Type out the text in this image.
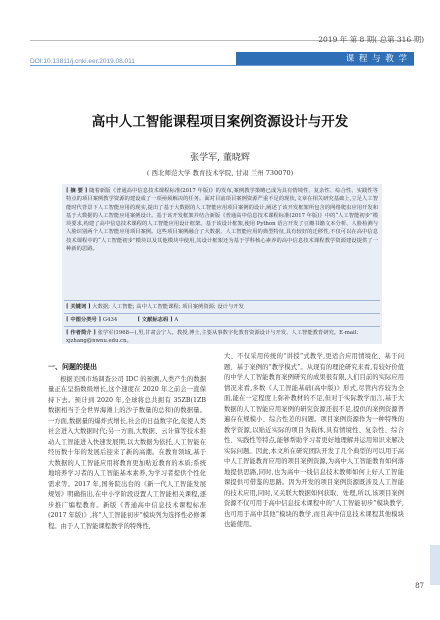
2019 年 第 8 期( 总第 316 期)
DOI:10.13811/j.cnki.eer.2019.08.011	课 程 与 教 学
高中人工智能课程项目案例资源设计与开发
张学军, 董晓辉
( 西北师范大学 教育技术学院, 甘肃 兰州 730070)
[ 摘 要 ] 随着新版《普通高中信息技术课程标准(2017 年版)》的发布,案例教学策略已成为具有情境性、复杂性、综合性、实践性等特点的项目案例教学资源的建设成了一项亟须解决的任务。面对目前项目案例资源严重不足的现状,文章在相关研究基础上,立足人工智能时代背景下人工智能应用的现实,提出了基于大数据的人工智能应用项目案例的设计,阐述了该开发框架所包含的网络爬虫应用开发和基于大数据的人工智能应用案例设计。基于该开发框架并结合新版《普通高中信息技术课程标准(2017 年版)》中的“人工智能初步”模块要求,构建了高中信息技术课程的人工智能应用设计框架。基于该设计框架,使用 Python 语言开发了豆瓣书籍文本分析、人脸检测与人脸识别两个人工智能应用项目案例。这些项目案例融合了大数据、人工智能应用的典型特征,具有较好的迁移性,不仅可以在高中信息技术课程中的“人工智能初步”模块以及其他模块中使用,其设计框架还为基于学科核心素养的高中信息技术课程教学资源建设提供了一种新的思路。
[ 关键词 ] 大数据; 人工智能; 高中人工智能课程; 项目案例资源; 设计与开发
[ 中图分类号 ] G434	[ 文献标志码 ] A
[ 作者简介 ] 张学军(1968—),男,甘肃会宁人。教授,博士,主要从事数字化教育资源设计与开发、人工智能教育研究。E-mail: xjzhang@nwnu.edu.cn。

一、问题的提出

根据美国市场调查公司 IDC 的预测,人类产生的数据量正在呈指数级增长,这个速度在 2020 年之前会一直保持下去。预计到 2020 年,全球将总共拥有 35ZB(1ZB 数据相当于全世界海滩上的沙子数量的总和)的数据量。一方面,数据量的爆炸式增长,社会的日益数字化,促使人类社会进入大数据时代;另一方面,大数据、云计算等技术推动人工智能进入快速发展期,以大数据为依托,人工智能在经历数十年的发展后迎来了新的高潮。在教育领域,基于大数据的人工智能应用将教育更加贴近教育的本质;系统地培养学习者的人工智能基本素养,为学习者提供个性化需求等。2017 年,国务院出台的《新一代人工智能发展规划》明确指出,在中小学阶段设置人工智能相关课程,逐步推广编程教育。新版《普通高中信息技术课程标准(2017 年版)》,将“人工智能初步”模块列为选择性必修课程。由于人工智能课程教学的特殊性,

大、不仅采用传统的“讲授”式教学,更适合应用情境化、基于问题、基于案例的“教学模式”。从现有的理论研究来看,有较好价值的中学人工智能教育案例研究的成果很有限,人们目前的实际应用情况来看,多数《人工智能基础(高中版)》形式,尽管内容较为全面,能在一定程度上弥补教材的不足,但对于实际教学而言,基于大数据的人工智能应用案例的研究资源还很不足,提供的案例资源普遍存在规模小、综合性差的问题。项目案例资源作为一种特殊的教学资源,以贴近实际的项目为载体,具有情境性、复杂性、综合性、实践性等特点,能够帮助学习者更好地理解并运用知识来解决实际问题。因此,本文所在研究团队开发了几个典型的可以用于高中人工智能教育应用的项目案例资源,为高中人工智能教育如何落地提供思路,同时,也为高中一线信息技术教师如何上好人工智能课提供可借鉴的思路。因为开发的项目案例资源既涉及人工智能的技术应用,同时,又关联大数据如何获取、处理,所以,该项目案例资源不仅可用于高中信息技术课程中的“人工智能初步”模块教学,也可用于高中其他“模块的教学,而且高中信息技术课程其他模块也能使用。

87
